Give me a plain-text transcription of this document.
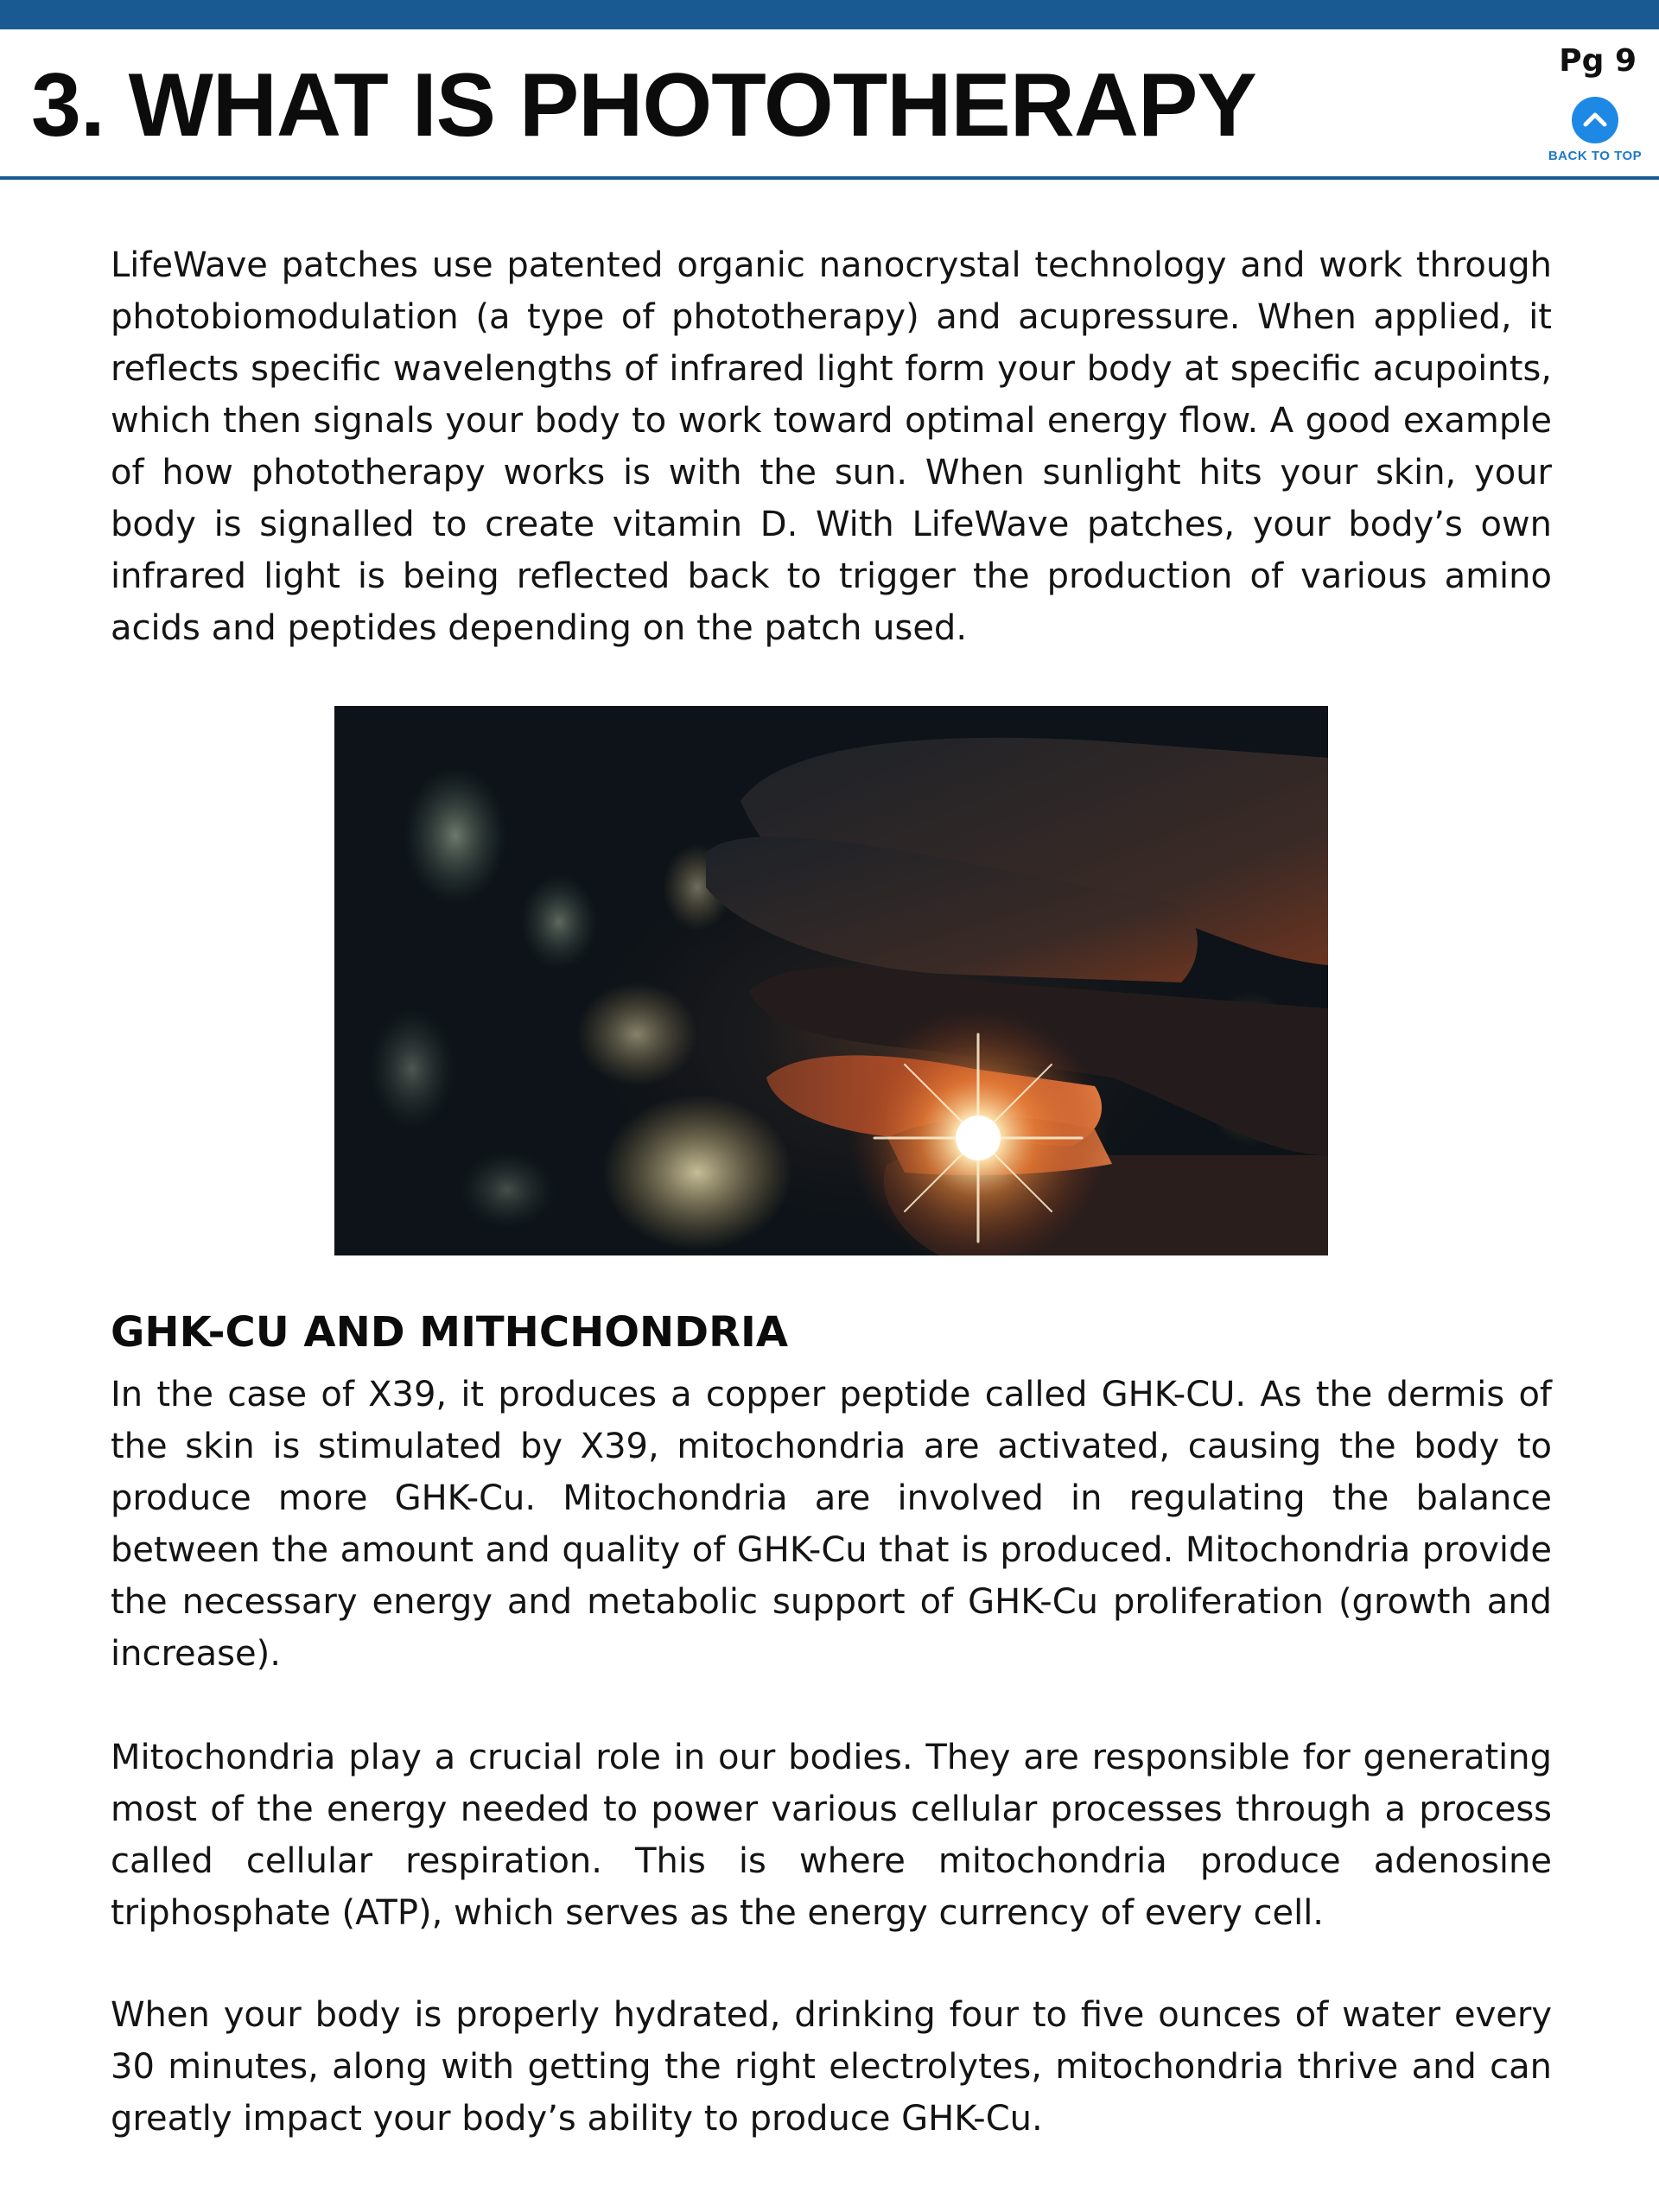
3. WHAT IS PHOTOTHERAPY	Pg 9
BACK TO TOP

LifeWave patches use patented organic nanocrystal technology and work through photobiomodulation (a type of phototherapy) and acupressure. When applied, it reflects specific wavelengths of infrared light form your body at specific acupoints, which then signals your body to work toward optimal energy flow. A good example of how phototherapy works is with the sun. When sunlight hits your skin, your body is signalled to create vitamin D. With LifeWave patches, your body’s own infrared light is being reflected back to trigger the production of various amino acids and peptides depending on the patch used.

GHK-CU AND MITHCHONDRIA

In the case of X39, it produces a copper peptide called GHK-CU. As the dermis of the skin is stimulated by X39, mitochondria are activated, causing the body to produce more GHK-Cu. Mitochondria are involved in regulating the balance between the amount and quality of GHK-Cu that is produced. Mitochondria provide the necessary energy and metabolic support of GHK-Cu proliferation (growth and increase).

Mitochondria play a crucial role in our bodies. They are responsible for generating most of the energy needed to power various cellular processes through a process called cellular respiration. This is where mitochondria produce adenosine triphosphate (ATP), which serves as the energy currency of every cell.

When your body is properly hydrated, drinking four to five ounces of water every 30 minutes, along with getting the right electrolytes, mitochondria thrive and can greatly impact your body’s ability to produce GHK-Cu.
